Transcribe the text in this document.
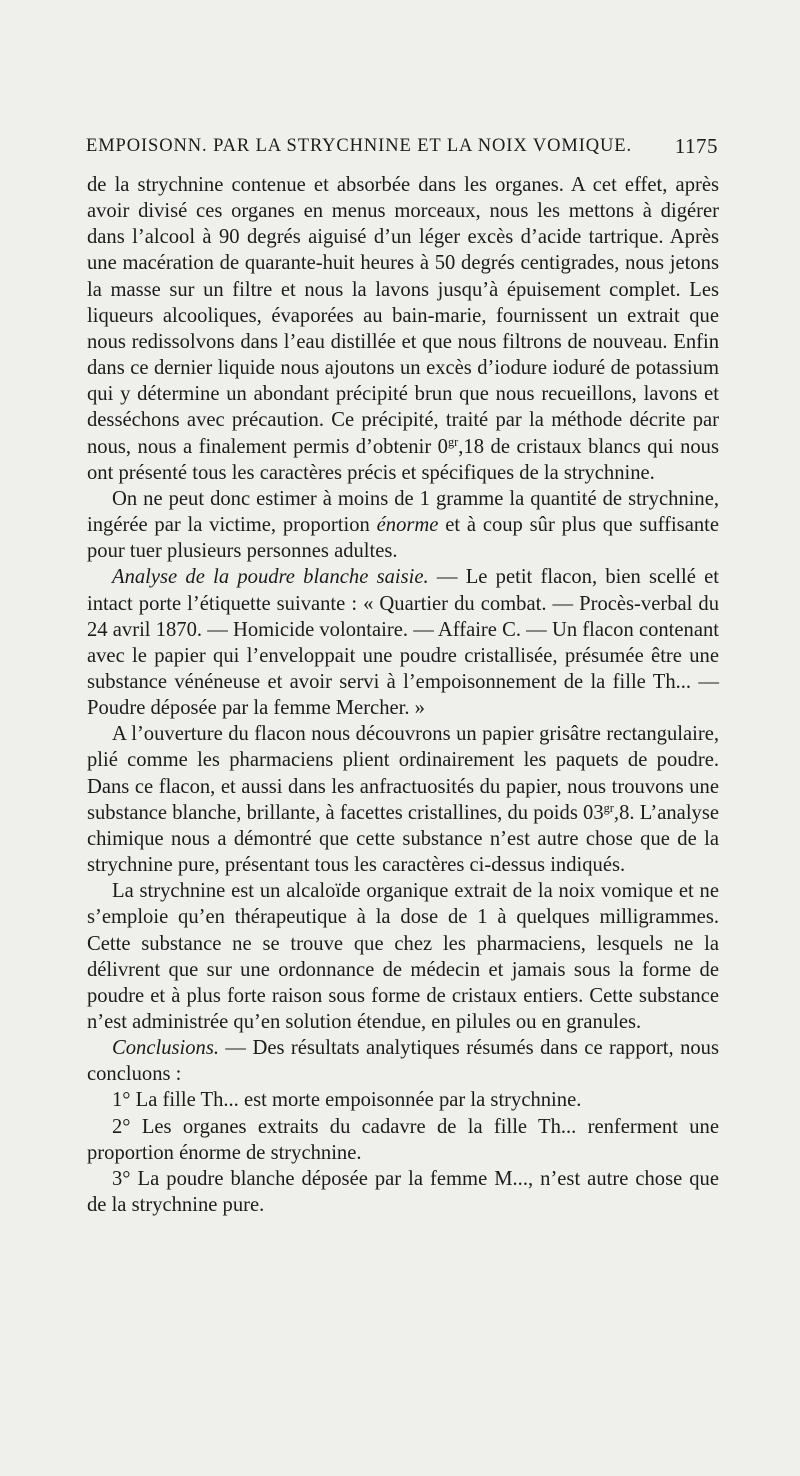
EMPOISONN. PAR LA STRYCHNINE ET LA NOIX VOMIQUE. 1175

de la strychnine contenue et absorbée dans les organes. A cet effet, après avoir divisé ces organes en menus morceaux, nous les mettons à digérer dans l’alcool à 90 degrés aiguisé d’un léger excès d’acide tartrique. Après une macération de quarante-huit heures à 50 degrés centigrades, nous jetons la masse sur un filtre et nous la lavons jusqu’à épuisement complet. Les liqueurs alcooliques, évaporées au bain-marie, fournissent un extrait que nous redissolvons dans l’eau distillée et que nous filtrons de nouveau. Enfin dans ce dernier liquide nous ajoutons un excès d’iodure ioduré de potassium qui y détermine un abondant précipité brun que nous recueillons, lavons et desséchons avec précaution. Ce précipité, traité par la méthode décrite par nous, nous a finalement permis d’obtenir $0^{gr},18$ de cristaux blancs qui nous ont présenté tous les caractères précis et spécifiques de la strychnine.

On ne peut donc estimer à moins de 1 gramme la quantité de strychnine, ingérée par la victime, proportion énorme et à coup sûr plus que suffisante pour tuer plusieurs personnes adultes.

Analyse de la poudre blanche saisie. — Le petit flacon, bien scellé et intact porte l’étiquette suivante : « Quartier du combat. — Procès-verbal du 24 avril 1870. — Homicide volontaire. — Affaire C. — Un flacon contenant avec le papier qui l’enveloppait une poudre cristallisée, présumée être une substance vénéneuse et avoir servi à l’empoisonnement de la fille Th... — Poudre déposée par la femme Mercher. »

A l’ouverture du flacon nous découvrons un papier grisâtre rectangulaire, plié comme les pharmaciens plient ordinairement les paquets de poudre. Dans ce flacon, et aussi dans les anfractuosités du papier, nous trouvons une substance blanche, brillante, à facettes cristallines, du poids $03^{gr},8$. L’analyse chimique nous a démontré que cette substance n’est autre chose que de la strychnine pure, présentant tous les caractères ci-dessus indiqués.

La strychnine est un alcaloïde organique extrait de la noix vomique et ne s’emploie qu’en thérapeutique à la dose de 1 à quelques milligrammes. Cette substance ne se trouve que chez les pharmaciens, lesquels ne la délivrent que sur une ordonnance de médecin et jamais sous la forme de poudre et à plus forte raison sous forme de cristaux entiers. Cette substance n’est administrée qu’en solution étendue, en pilules ou en granules.

Conclusions. — Des résultats analytiques résumés dans ce rapport, nous concluons :

1° La fille Th... est morte empoisonnée par la strychnine.

2° Les organes extraits du cadavre de la fille Th... renferment une proportion énorme de strychnine.

3° La poudre blanche déposée par la femme M..., n’est autre chose que de la strychnine pure.
